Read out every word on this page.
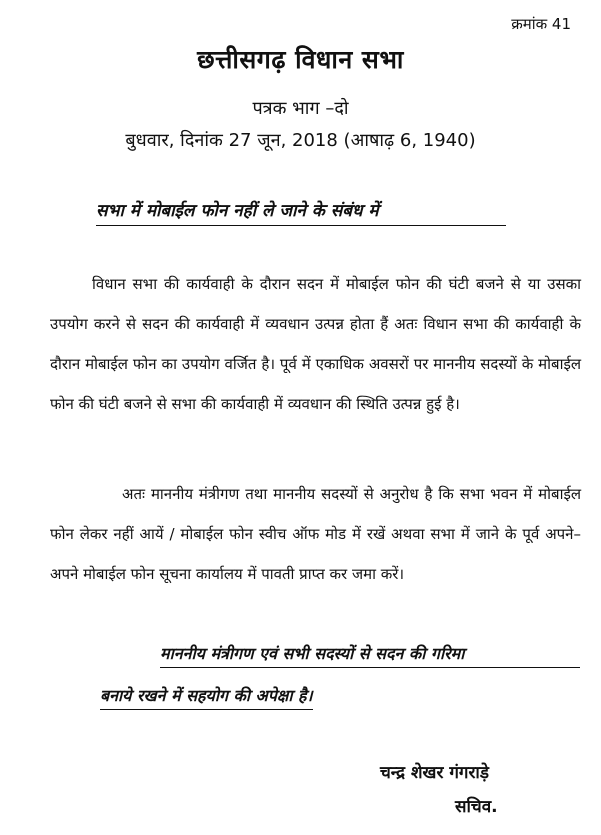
क्रमांक 41
छत्तीसगढ़ विधान सभा
पत्रक भाग –दो
बुधवार, दिनांक 27 जून, 2018 (आषाढ़ 6, 1940)
सभा में मोबाईल फोन नहीं ले जाने के संबंध में

विधान सभा की कार्यवाही के दौरान सदन में मोबाईल फोन की घंटी बजने से या उसका उपयोग करने से सदन की कार्यवाही में व्यवधान उत्पन्न होता हैं अतः विधान सभा की कार्यवाही के दौरान मोबाईल फोन का उपयोग वर्जित है। पूर्व में एकाधिक अवसरों पर माननीय सदस्यों के मोबाईल फोन की घंटी बजने से सभा की कार्यवाही में व्यवधान की स्थिति उत्पन्न हुई है।

अतः माननीय मंत्रीगण तथा माननीय सदस्यों से अनुरोध है कि सभा भवन में मोबाईल फोन लेकर नहीं आयें / मोबाईल फोन स्वीच ऑफ मोड में रखें अथवा सभा में जाने के पूर्व अपने–अपने मोबाईल फोन सूचना कार्यालय में पावती प्राप्त कर जमा करें।

माननीय मंत्रीगण एवं सभी सदस्यों से सदन की गरिमा
बनाये रखने में सहयोग की अपेक्षा है।
चन्द्र शेखर गंगराड़े
सचिव.
